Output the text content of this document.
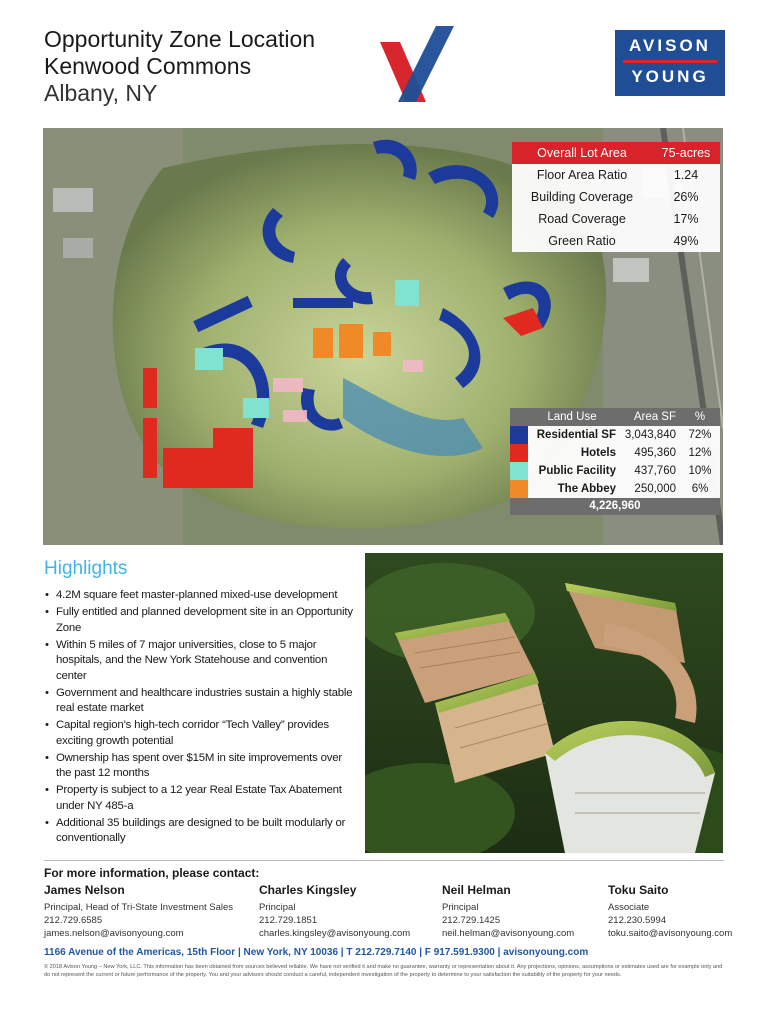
Opportunity Zone Location
Kenwood Commons
Albany, NY
AVISON
YOUNG
Overall Lot Area	75-acres
Floor Area Ratio	1.24
Building Coverage	26%
Road Coverage	17%
Green Ratio	49%
Land Use	Area SF	%
Residential SF 3,043,840	72%
Hotels	495,360	12%
Public Facility	437,760	10%
The Abbey	250,000	6%
4,226,960
Highlights
• 4.2M square feet master-planned mixed-use development
• Fully entitled and planned development site in an Opportunity Zone
• Within 5 miles of 7 major universities, close to 5 major hospitals, and the New York Statehouse and convention center
• Government and healthcare industries sustain a highly stable real estate market
• Capital region’s high-tech corridor “Tech Valley” provides exciting growth potential
• Ownership has spent over $15M in site improvements over the past 12 months
• Property is subject to a 12 year Real Estate Tax Abatement under NY 485-a
• Additional 35 buildings are designed to be built modularly or conventionally
For more information, please contact:
James Nelson
Principal, Head of Tri-State Investment Sales
212.729.6585
james.nelson@avisonyoung.com
Charles Kingsley
Principal
212.729.1851
charles.kingsley@avisonyoung.com
Neil Helman
Principal
212.729.1425
neil.helman@avisonyoung.com
Toku Saito
Associate
212.230.5994
toku.saito@avisonyoung.com
1166 Avenue of the Americas, 15th Floor | New York, NY 10036 | T 212.729.7140 | F 917.591.9300 | avisonyoung.com
© 2018 Avison Young – New York, LLC. This information has been obtained from sources believed reliable. We have not verified it and make no guarantee, warranty or representation about it. Any projections, opinions, assumptions or estimates used are for example only and do not represent the current or future performance of the property. You and your advisors should conduct a careful, independent investigation of the property to determine to your satisfaction the suitability of the property for your needs.
